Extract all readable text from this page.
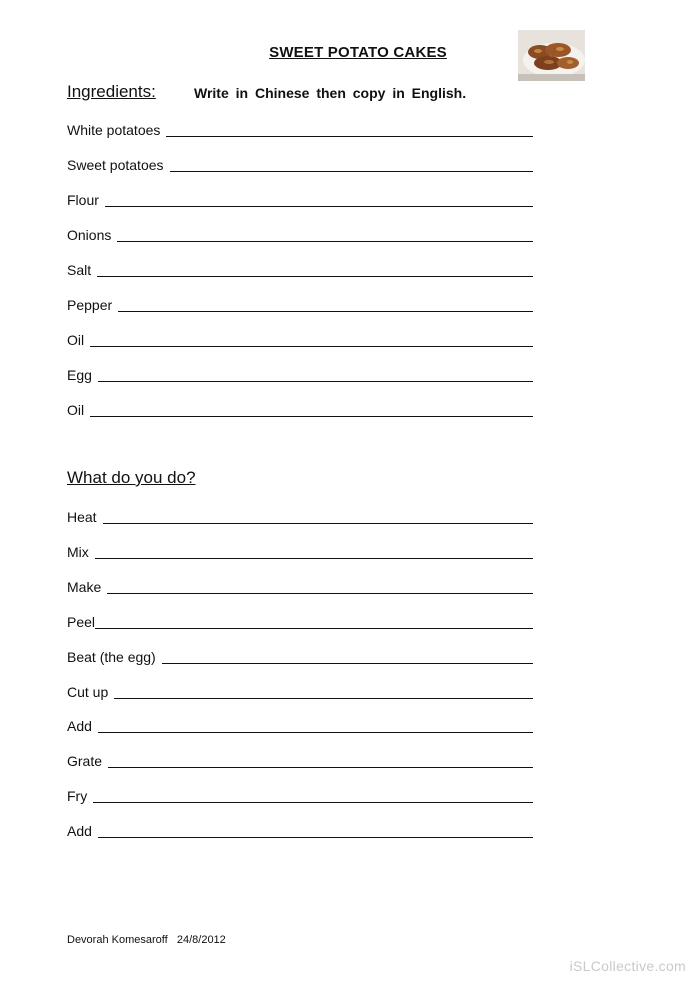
SWEET POTATO CAKES
Ingredients:	Write in Chinese then copy in English.
White potatoes
Sweet potatoes
Flour
Onions
Salt
Pepper
Oil
Egg
Oil
What do you do?
Heat
Mix
Make
Peel
Beat (the egg)
Cut up
Add
Grate
Fry
Add
Devorah Komesaroff 24/8/2012
iSLCollective.com
